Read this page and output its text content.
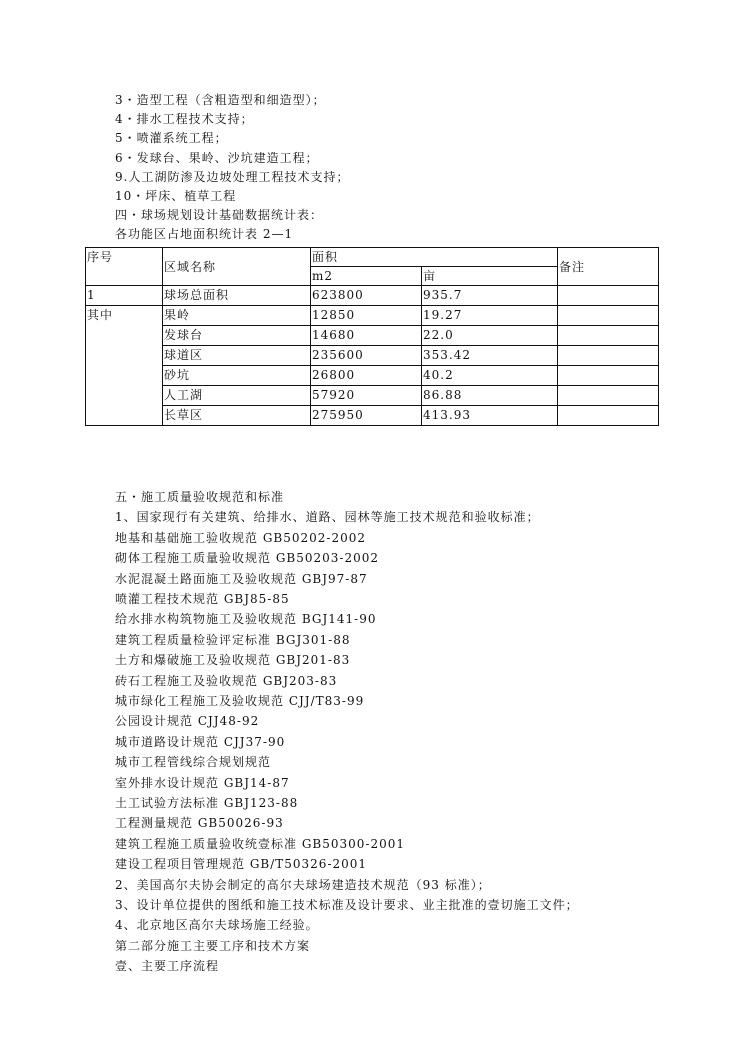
3・造型工程（含粗造型和细造型）；
4・排水工程技术支持；
5・喷灌系统工程；
6・发球台、果岭、沙坑建造工程；
9.人工湖防渗及边坡处理工程技术支持；
10・坪床、植草工程
四・球场规划设计基础数据统计表：
各功能区占地面积统计表 2—1
序号	区域名称	面积		备注
		m2	亩	
1	球场总面积	623800	935.7	
其中	果岭	12850	19.27	
	发球台	14680	22.0	
	球道区	235600	353.42	
	砂坑	26800	40.2	
	人工湖	57920	86.88	
	长草区	275950	413.93	
五・施工质量验收规范和标准
1、国家现行有关建筑、给排水、道路、园林等施工技术规范和验收标准；
地基和基础施工验收规范 GB50202-2002
砌体工程施工质量验收规范 GB50203-2002
水泥混凝土路面施工及验收规范 GBJ97-87
喷灌工程技术规范 GBJ85-85
给水排水构筑物施工及验收规范 BGJ141-90
建筑工程质量检验评定标准 BGJ301-88
土方和爆破施工及验收规范 GBJ201-83
砖石工程施工及验收规范 GBJ203-83
城市绿化工程施工及验收规范 CJJ/T83-99
公园设计规范 CJJ48-92
城市道路设计规范 CJJ37-90
城市工程管线综合规划规范
室外排水设计规范 GBJ14-87
土工试验方法标准 GBJ123-88
工程测量规范 GB50026-93
建筑工程施工质量验收统壹标准 GB50300-2001
建设工程项目管理规范 GB/T50326-2001
2、美国高尔夫协会制定的高尔夫球场建造技术规范（93 标准）；
3、设计单位提供的图纸和施工技术标准及设计要求、业主批准的壹切施工文件；
4、北京地区高尔夫球场施工经验。
第二部分施工主要工序和技术方案
壹、主要工序流程
